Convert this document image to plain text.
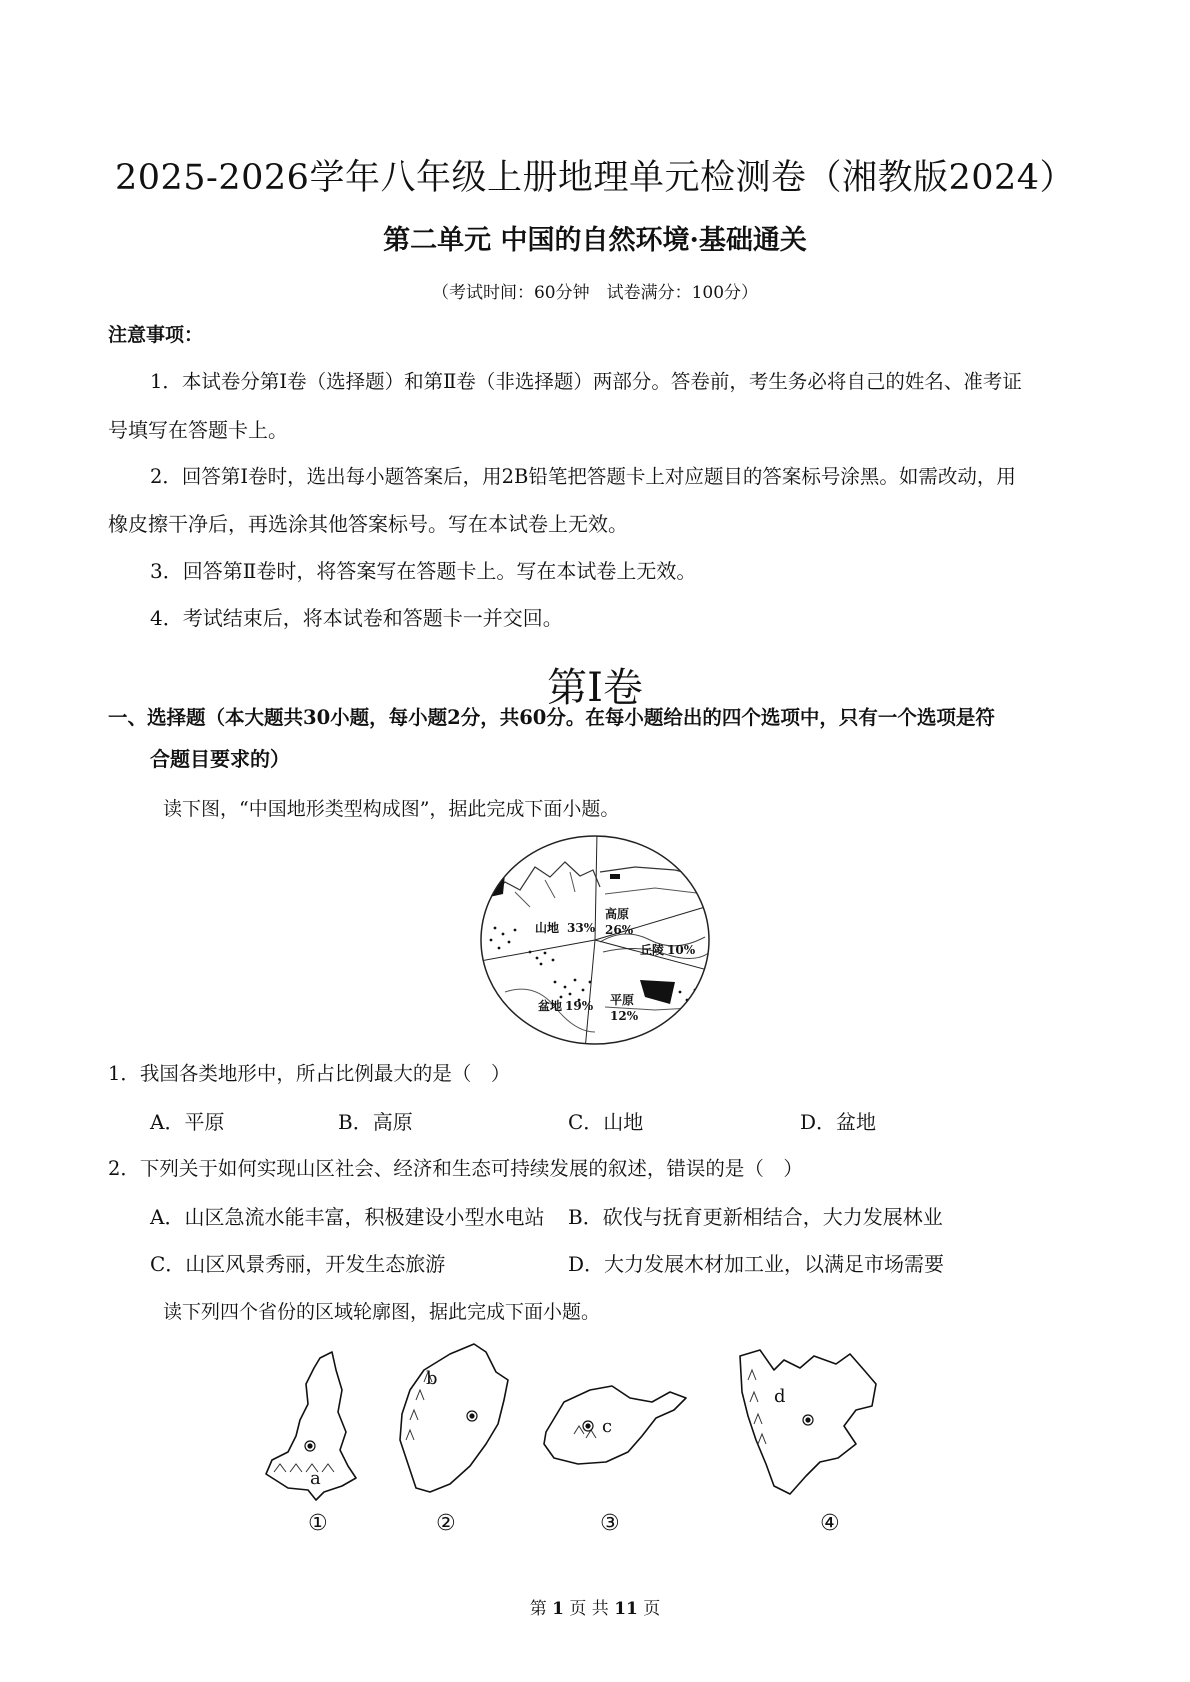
2025-2026学年八年级上册地理单元检测卷（湘教版2024）
第二单元 中国的自然环境·基础通关
（考试时间：60分钟　试卷满分：100分）
注意事项：
1．本试卷分第Ⅰ卷（选择题）和第Ⅱ卷（非选择题）两部分。答卷前，考生务必将自己的姓名、准考证
号填写在答题卡上。
2．回答第Ⅰ卷时，选出每小题答案后，用2B铅笔把答题卡上对应题目的答案标号涂黑。如需改动，用
橡皮擦干净后，再选涂其他答案标号。写在本试卷上无效。
3．回答第Ⅱ卷时，将答案写在答题卡上。写在本试卷上无效。
4．考试结束后，将本试卷和答题卡一并交回。
第Ⅰ卷
一、选择题（本大题共30小题，每小题2分，共60分。在每小题给出的四个选项中，只有一个选项是符
合题目要求的）
读下图，“中国地形类型构成图”，据此完成下面小题。
山地 33%
高原
26%
丘陵 10%
盆地 19% 平原
12%
1．我国各类地形中，所占比例最大的是（　）
A．平原	B．高原	C．山地	D．盆地
2．下列关于如何实现山区社会、经济和生态可持续发展的叙述，错误的是（　）
A．山区急流水能丰富，积极建设小型水电站 B．砍伐与抚育更新相结合，大力发展林业
C．山区风景秀丽，开发生态旅游	D．大力发展木材加工业，以满足市场需要
读下列四个省份的区域轮廓图，据此完成下面小题。
a
b
c
d
①	②	③	④
第 1 页 共 11 页
